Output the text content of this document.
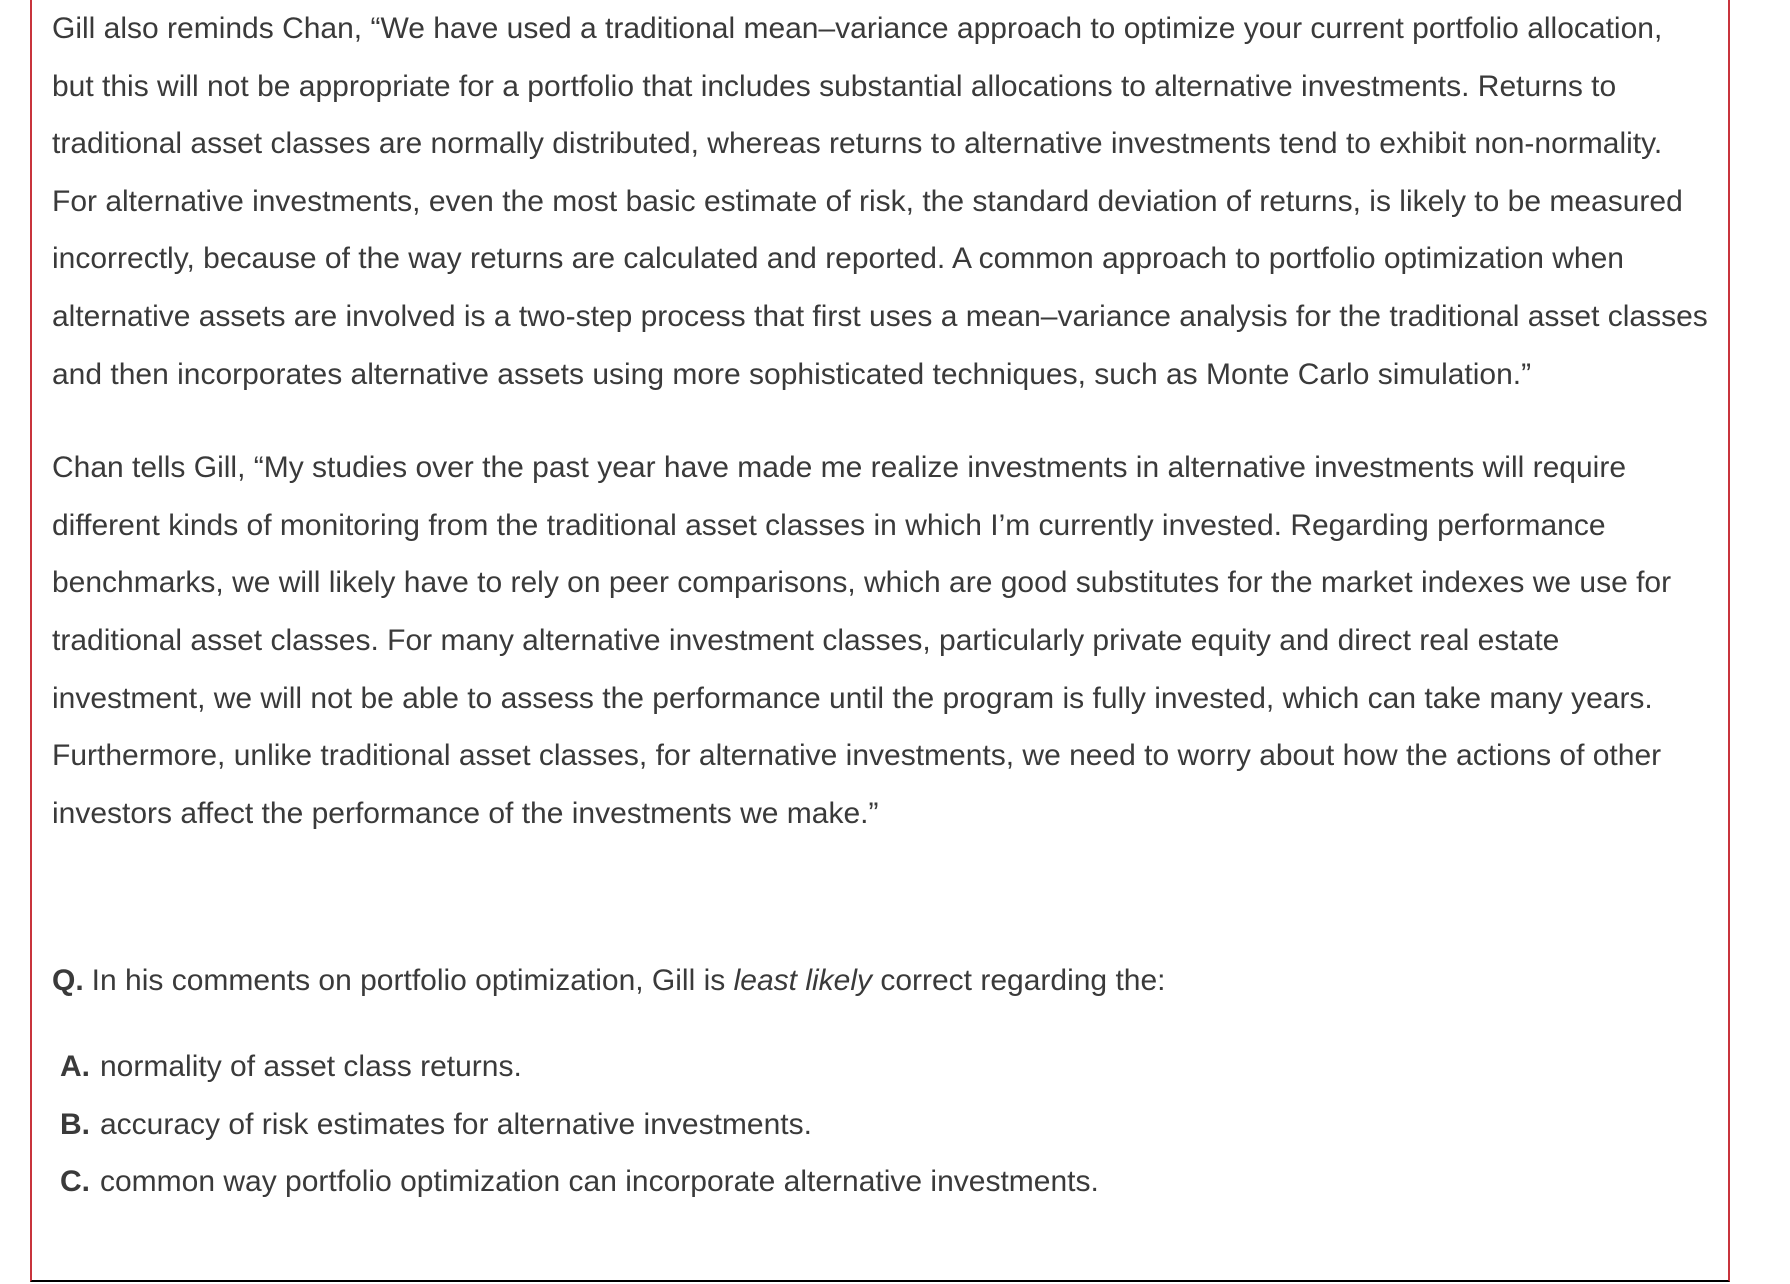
Gill also reminds Chan, “We have used a traditional mean–variance approach to optimize your current portfolio allocation, but this will not be appropriate for a portfolio that includes substantial allocations to alternative investments. Returns to traditional asset classes are normally distributed, whereas returns to alternative investments tend to exhibit non-normality. For alternative investments, even the most basic estimate of risk, the standard deviation of returns, is likely to be measured incorrectly, because of the way returns are calculated and reported. A common approach to portfolio optimization when alternative assets are involved is a two-step process that first uses a mean–variance analysis for the traditional asset classes and then incorporates alternative assets using more sophisticated techniques, such as Monte Carlo simulation.”

Chan tells Gill, “My studies over the past year have made me realize investments in alternative investments will require different kinds of monitoring from the traditional asset classes in which I’m currently invested. Regarding performance benchmarks, we will likely have to rely on peer comparisons, which are good substitutes for the market indexes we use for traditional asset classes. For many alternative investment classes, particularly private equity and direct real estate investment, we will not be able to assess the performance until the program is fully invested, which can take many years. Furthermore, unlike traditional asset classes, for alternative investments, we need to worry about how the actions of other investors affect the performance of the investments we make.”

Q. In his comments on portfolio optimization, Gill is least likely correct regarding the:

A. normality of asset class returns.
B. accuracy of risk estimates for alternative investments.
C. common way portfolio optimization can incorporate alternative investments.
